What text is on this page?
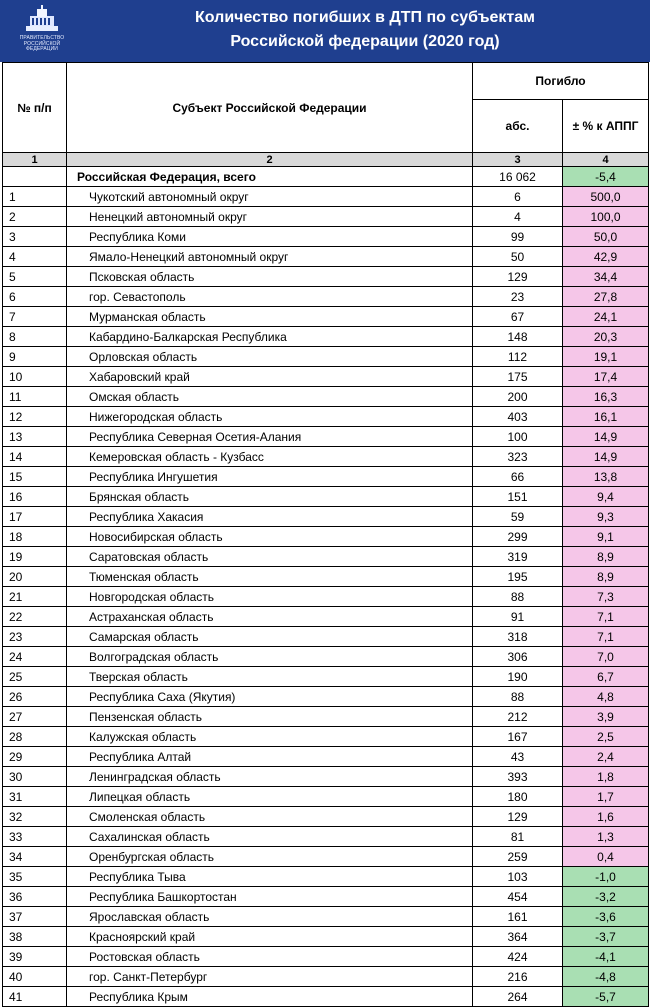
ПРАВИТЕЛЬСТВО
РОССИЙСКОЙ
ФЕДЕРАЦИИ
Количество погибших в ДТП по субъектам
Российской федерации (2020 год)
№ п/п	Субъект Российской Федерации	Погибло	
		абс.	± % к АППГ
1	2	3	4
	Российская Федерация, всего	16 062	-5,4
1	Чукотский автономный округ	6	500,0
2	Ненецкий автономный округ	4	100,0
3	Республика Коми	99	50,0
4	Ямало-Ненецкий автономный округ	50	42,9
5	Псковская область	129	34,4
6	гор. Севастополь	23	27,8
7	Мурманская область	67	24,1
8	Кабардино-Балкарская Республика	148	20,3
9	Орловская область	112	19,1
10	Хабаровский край	175	17,4
11	Омская область	200	16,3
12	Нижегородская область	403	16,1
13	Республика Северная Осетия-Алания	100	14,9
14	Кемеровская область - Кузбасс	323	14,9
15	Республика Ингушетия	66	13,8
16	Брянская область	151	9,4
17	Республика Хакасия	59	9,3
18	Новосибирская область	299	9,1
19	Саратовская область	319	8,9
20	Тюменская область	195	8,9
21	Новгородская область	88	7,3
22	Астраханская область	91	7,1
23	Самарская область	318	7,1
24	Волгоградская область	306	7,0
25	Тверская область	190	6,7
26	Республика Саха (Якутия)	88	4,8
27	Пензенская область	212	3,9
28	Калужская область	167	2,5
29	Республика Алтай	43	2,4
30	Ленинградская область	393	1,8
31	Липецкая область	180	1,7
32	Смоленская область	129	1,6
33	Сахалинская область	81	1,3
34	Оренбургская область	259	0,4
35	Республика Тыва	103	-1,0
36	Республика Башкортостан	454	-3,2
37	Ярославская область	161	-3,6
38	Красноярский край	364	-3,7
39	Ростовская область	424	-4,1
40	гор. Санкт-Петербург	216	-4,8
41	Республика Крым	264	-5,7
